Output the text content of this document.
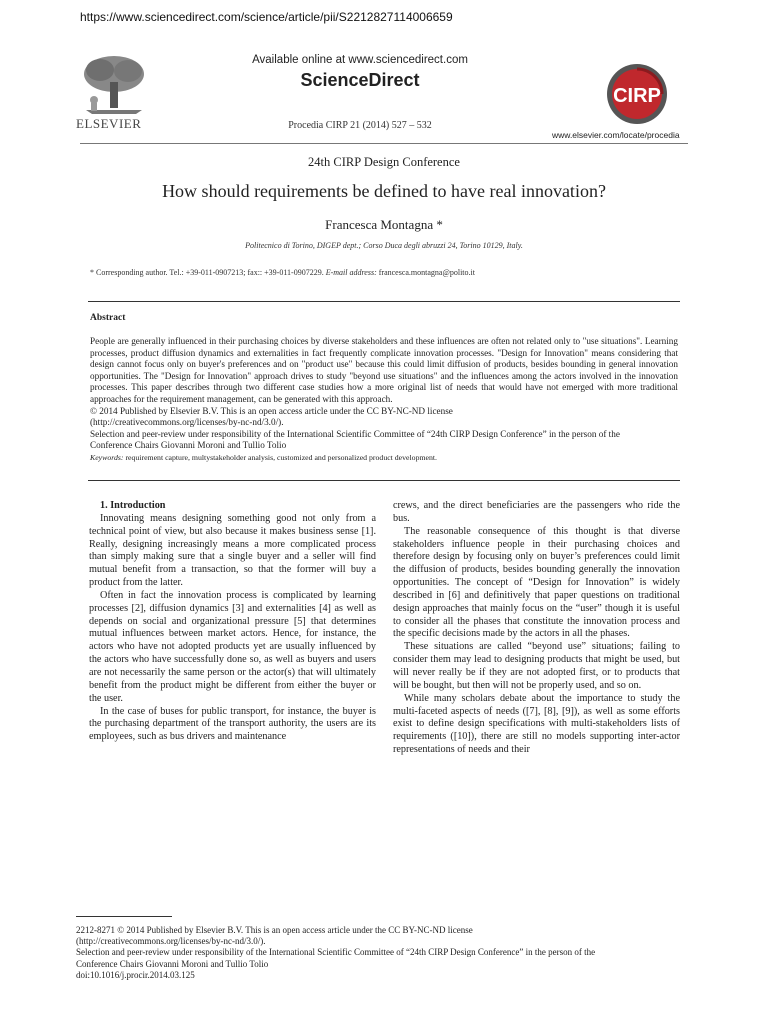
https://www.sciencedirect.com/science/article/pii/S2212827114006659
ELSEVIER
Available online at www.sciencedirect.com
ScienceDirect
Procedia CIRP 21 (2014) 527 – 532
CIRP
www.elsevier.com/locate/procedia
24th CIRP Design Conference
How should requirements be defined to have real innovation?
Francesca Montagna *
Politecnico di Torino, DIGEP dept.; Corso Duca degli abruzzi 24, Torino 10129, Italy.
* Corresponding author. Tel.: +39-011-0907213; fax:: +39-011-0907229. E-mail address: francesca.montagna@polito.it
Abstract

People are generally influenced in their purchasing choices by diverse stakeholders and these influences are often not related only to "use situations". Learning processes, product diffusion dynamics and externalities in fact frequently complicate innovation processes. "Design for Innovation" means considering that design cannot focus only on buyer's preferences and on "product use" because this could limit diffusion of products, besides bounding in general innovation opportunities. The "Design for Innovation" approach drives to study "beyond use situations" and the influences among the actors involved in the innovation processes. This paper describes through two different case studies how a more original list of needs that would have not emerged with more traditional approaches for the requirement management, can be generated with this approach.

© 2014 Published by Elsevier B.V. This is an open access article under the CC BY-NC-ND license
(http://creativecommons.org/licenses/by-nc-nd/3.0/).
Selection and peer-review under responsibility of the International Scientific Committee of “24th CIRP Design Conference” in the person of the
Conference Chairs Giovanni Moroni and Tullio Tolio
Keywords: requirement capture, multystakeholder analysis, customized and personalized product development.

1. Introduction

Innovating means designing something good not only from a technical point of view, but also because it makes business sense [1]. Really, designing increasingly means a more complicated process than simply making sure that a single buyer and a seller will find mutual benefit from a transaction, so that the former will buy a product from the latter.

Often in fact the innovation process is complicated by learning processes [2], diffusion dynamics [3] and externalities [4] as well as depends on social and organizational pressure [5] that determines mutual influences between market actors. Hence, for instance, the actors who have not adopted products yet are usually influenced by the actors who have successfully done so, as well as buyers and users are not necessarily the same person or the actor(s) that will ultimately benefit from the product might be different from either the buyer or the user.

In the case of buses for public transport, for instance, the buyer is the purchasing department of the transport authority, the users are its employees, such as bus drivers and maintenance

crews, and the direct beneficiaries are the passengers who ride the bus.

The reasonable consequence of this thought is that diverse stakeholders influence people in their purchasing choices and therefore design by focusing only on buyer’s preferences could limit the diffusion of products, besides bounding generally the innovation opportunities. The concept of “Design for Innovation” is widely described in [6] and definitively that paper questions on traditional design approaches that mainly focus on the “user” though it is useful to consider all the phases that constitute the innovation process and the specific decisions made by the actors in all the phases.

These situations are called “beyond use” situations; failing to consider them may lead to designing products that might be used, but will never really be if they are not adopted first, or to products that will be bought, but then will not be properly used, and so on.

While many scholars debate about the importance to study the multi-faceted aspects of needs ([7], [8], [9]), as well as some efforts exist to define design specifications with multi-stakeholders lists of requirements ([10]), there are still no models supporting inter-actor representations of needs and their

2212-8271 © 2014 Published by Elsevier B.V. This is an open access article under the CC BY-NC-ND license
(http://creativecommons.org/licenses/by-nc-nd/3.0/).
Selection and peer-review under responsibility of the International Scientific Committee of “24th CIRP Design Conference” in the person of the
Conference Chairs Giovanni Moroni and Tullio Tolio
doi:10.1016/j.procir.2014.03.125
